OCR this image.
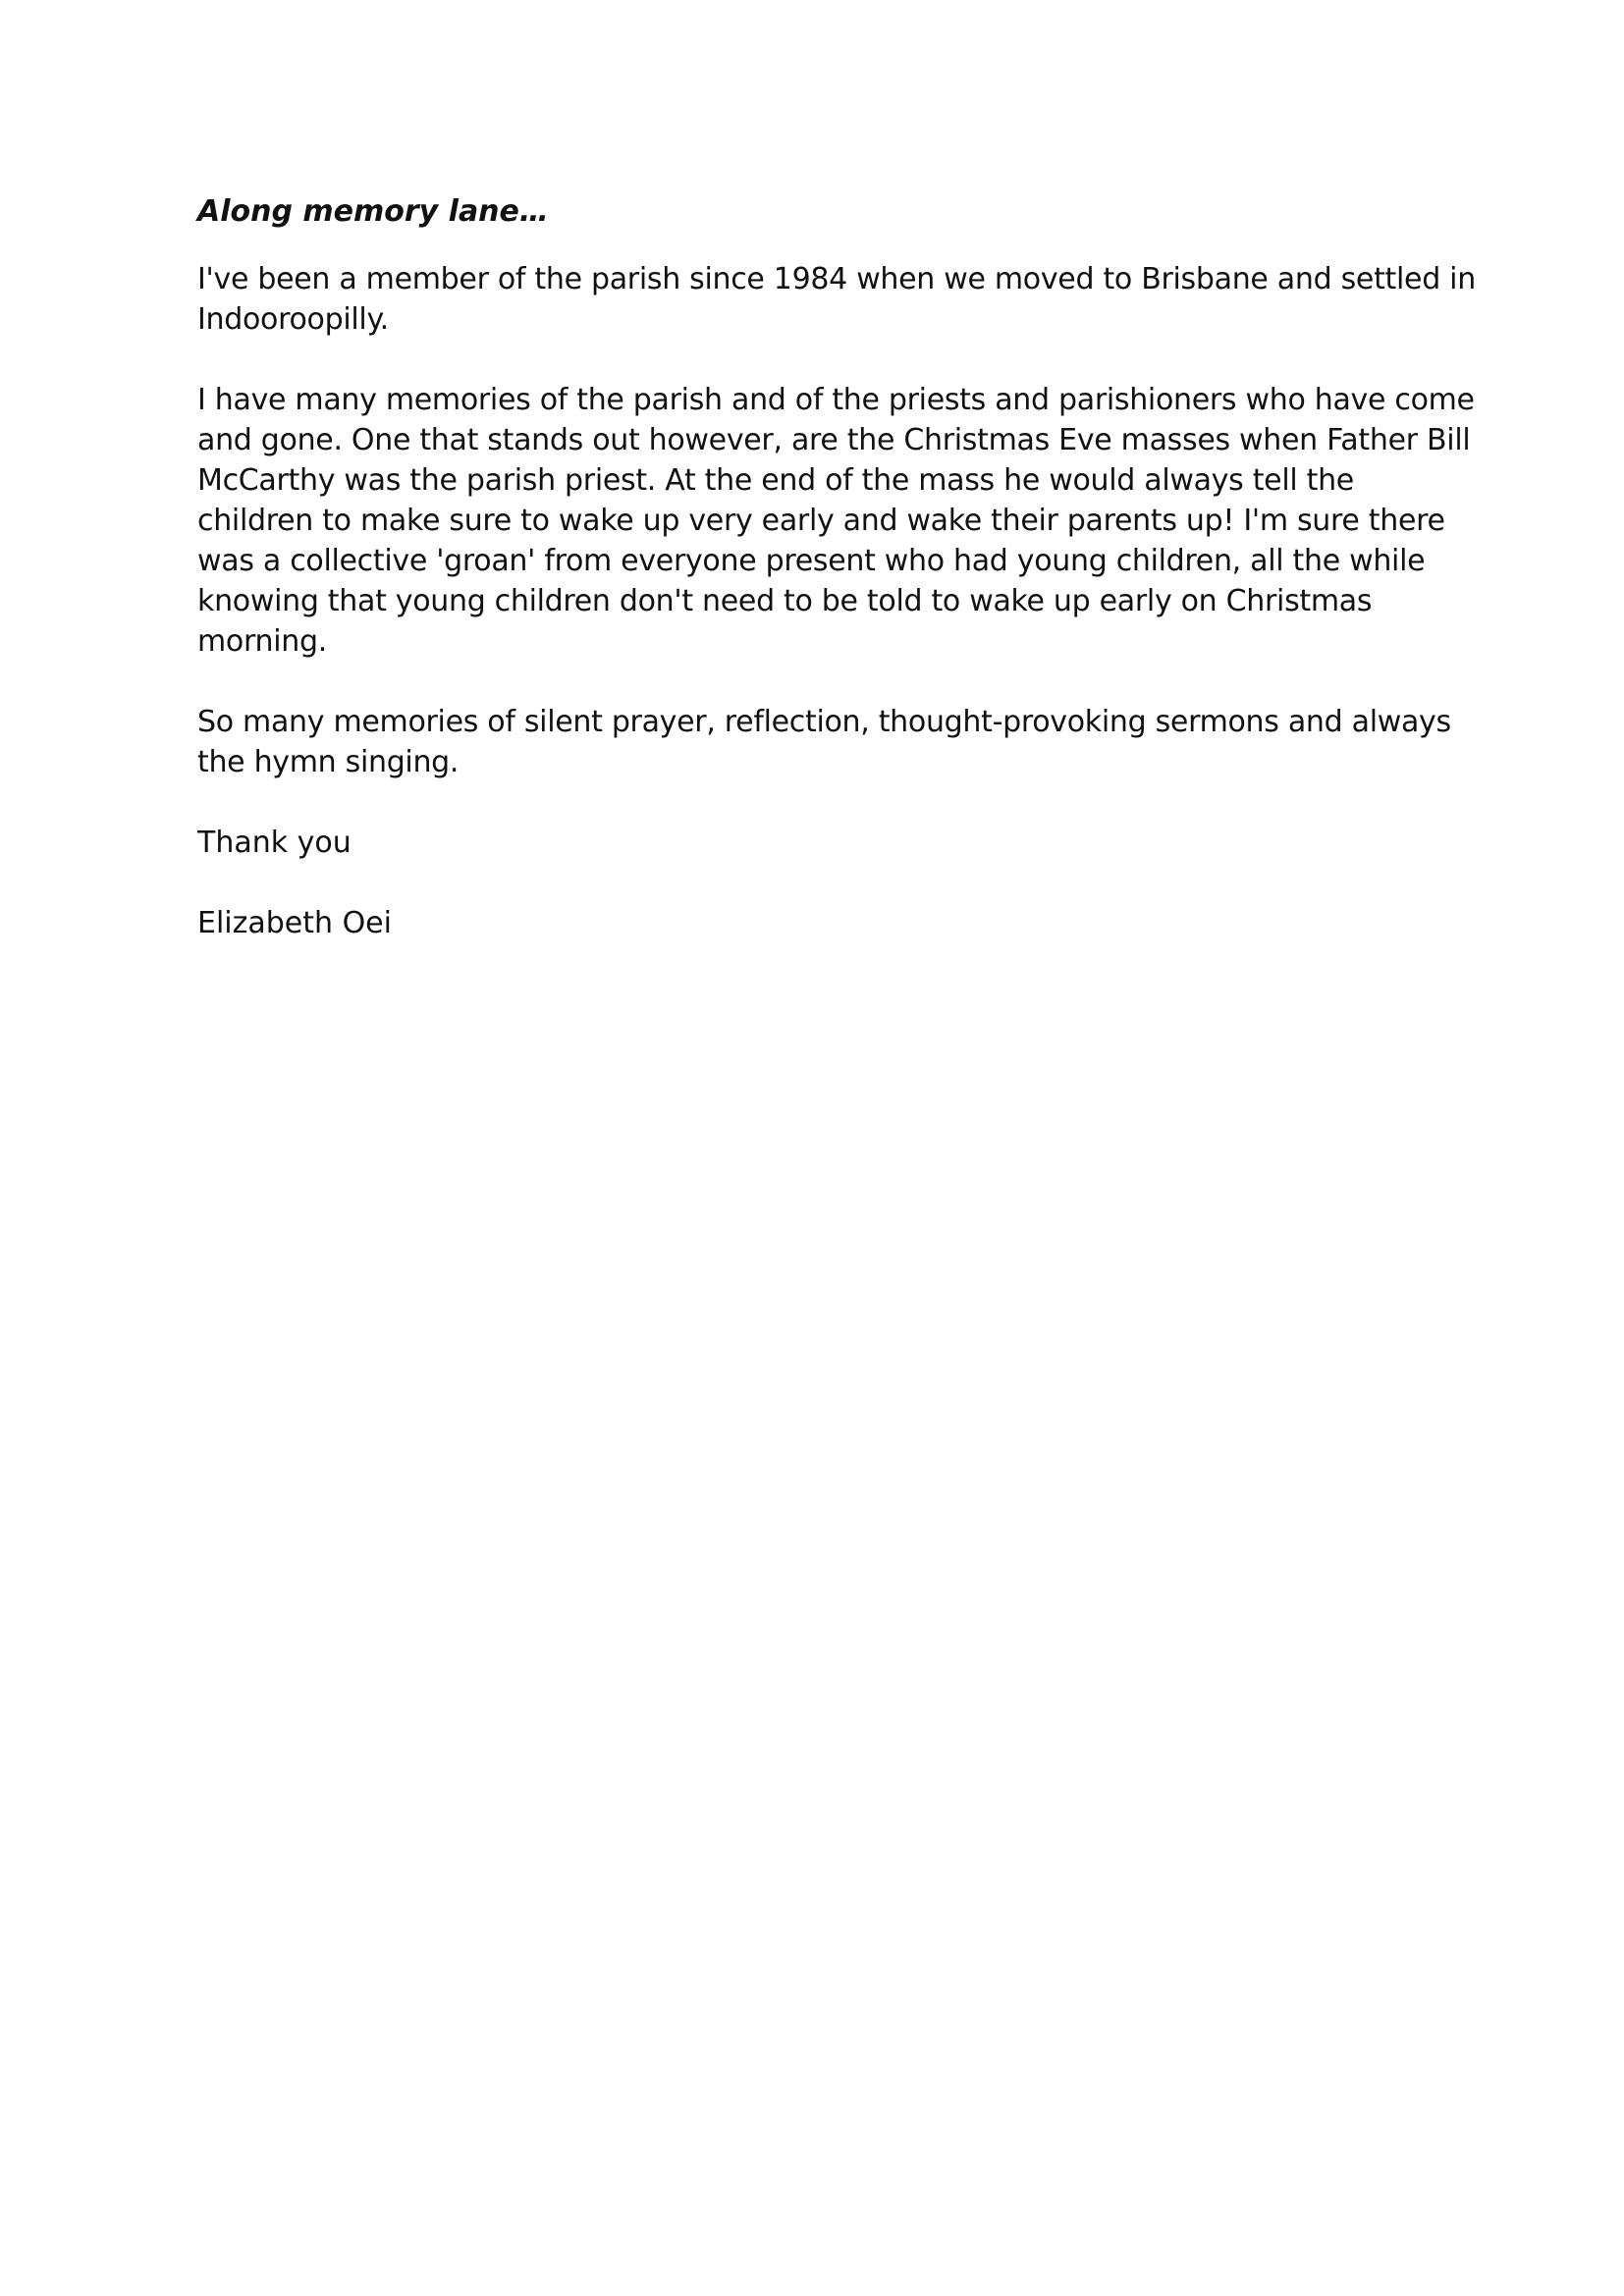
Along memory lane…
I've been a member of the parish since 1984 when we moved to Brisbane and settled in
Indooroopilly.
I have many memories of the parish and of the priests and parishioners who have come
and gone. One that stands out however, are the Christmas Eve masses when Father Bill
McCarthy was the parish priest. At the end of the mass he would always tell the
children to make sure to wake up very early and wake their parents up! I'm sure there
was a collective 'groan' from everyone present who had young children, all the while
knowing that young children don't need to be told to wake up early on Christmas
morning.
So many memories of silent prayer, reflection, thought-provoking sermons and always
the hymn singing.
Thank you
Elizabeth Oei
